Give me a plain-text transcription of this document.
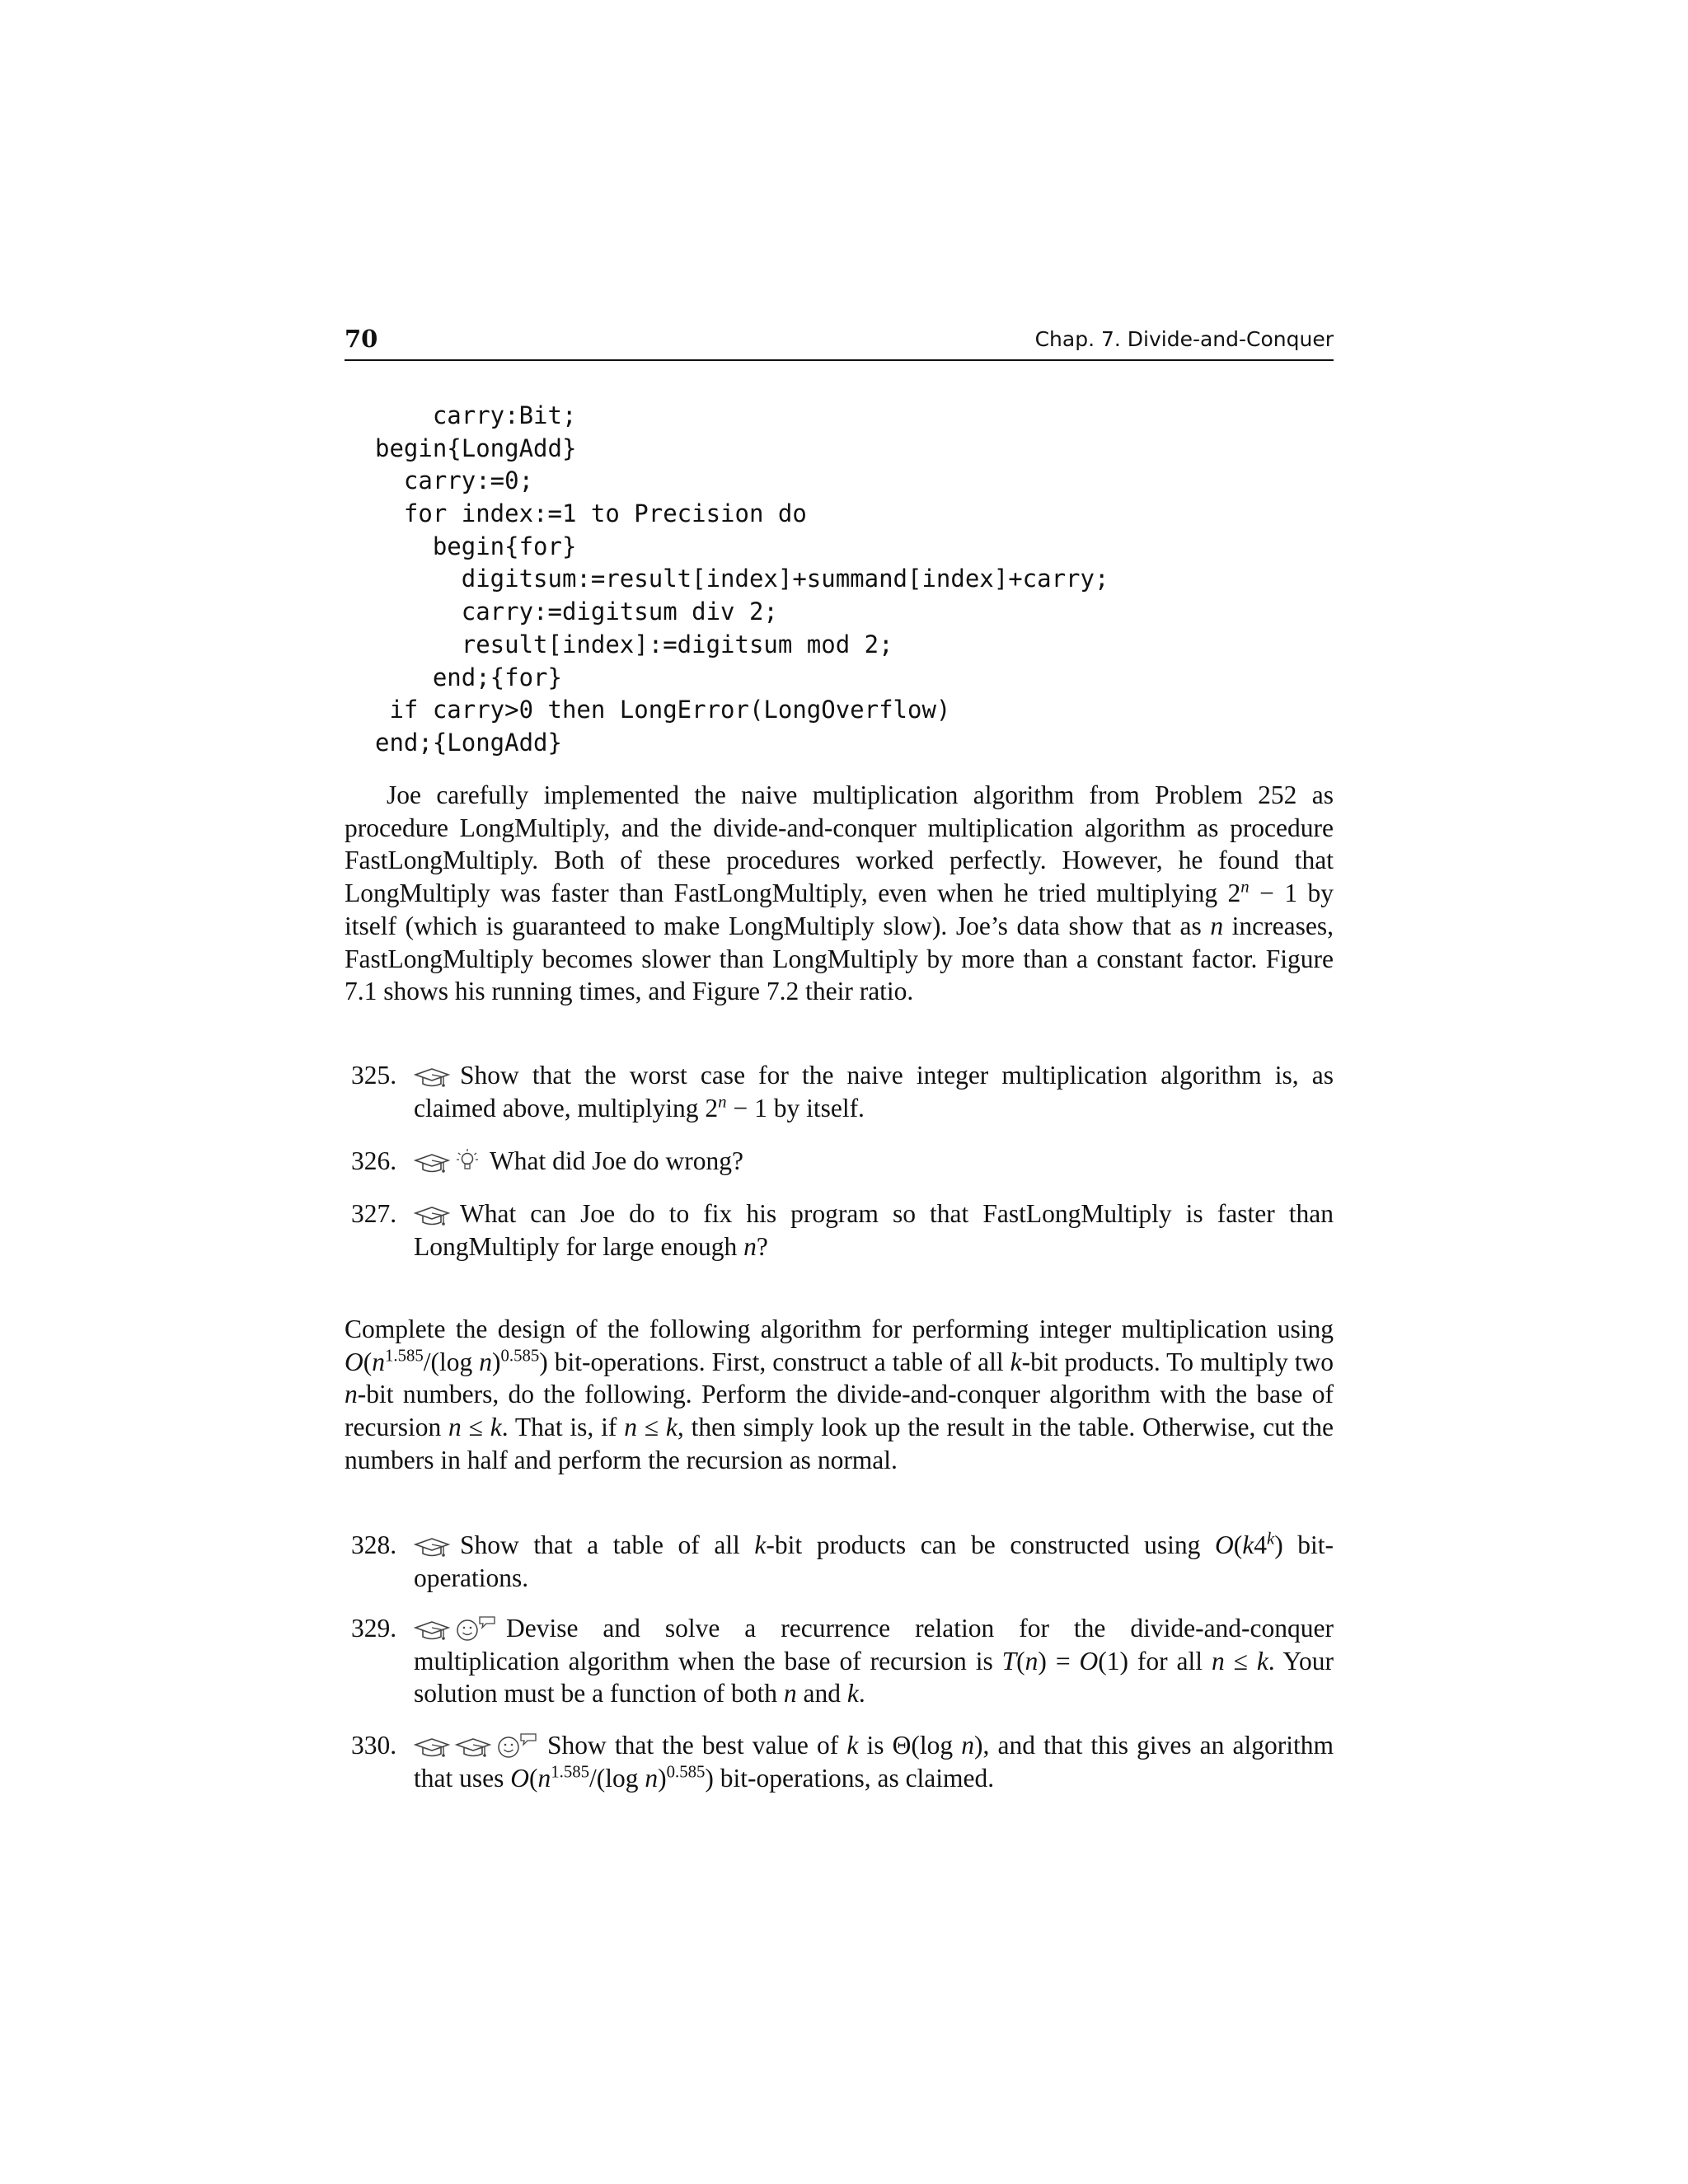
70	Chap. 7. Divide-and-Conquer
carry:Bit;
begin{LongAdd}
carry:=0;
for index:=1 to Precision do
begin{for}
digitsum:=result[index]+summand[index]+carry;
carry:=digitsum div 2;
result[index]:=digitsum mod 2;
end;{for}
if carry>0 then LongError(LongOverflow)
end;{LongAdd}

Joe carefully implemented the naive multiplication algorithm from Problem 252 as procedure LongMultiply, and the divide-and-conquer multiplication algorithm as procedure FastLongMultiply. Both of these procedures worked perfectly. However, he found that LongMultiply was faster than FastLongMultiply, even when he tried multiplying $2^n - 1$ by itself (which is guaranteed to make LongMultiply slow). Joe’s data show that as n increases, FastLongMultiply becomes slower than LongMultiply by more than a constant factor. Figure 7.1 shows his running times, and Figure 7.2 their ratio.

325.	Show that the worst case for the naive integer multiplication algorithm is, as claimed above, multiplying $2^n - 1$ by itself.
326.	What did Joe do wrong?
327.	What can Joe do to fix his program so that FastLongMultiply is faster than LongMultiply for large enough n?

Complete the design of the following algorithm for performing integer multiplication using $O(n^{1.585}/(\log$ n)$^{0.585}$) bit-operations. First, construct a table of all k-bit products. To multiply two n-bit numbers, do the following. Perform the divide-and-conquer algorithm with the base of recursion n ≤ k. That is, if n ≤ k, then simply look up the result in the table. Otherwise, cut the numbers in half and perform the recursion as normal.

328.	Show that a table of all k-bit products can be constructed using O(k4$^k$) bit-operations.
329.	Devise and solve a recurrence relation for the divide-and-conquer multiplication algorithm when the base of recursion is T(n) = O(1) for all n ≤ k. Your solution must be a function of both n and k.
330.	Show that the best value of k is Θ(log n), and that this gives an algorithm that uses $O(n^{1.585}/(\log$ n)$^{0.585}$) bit-operations, as claimed.
